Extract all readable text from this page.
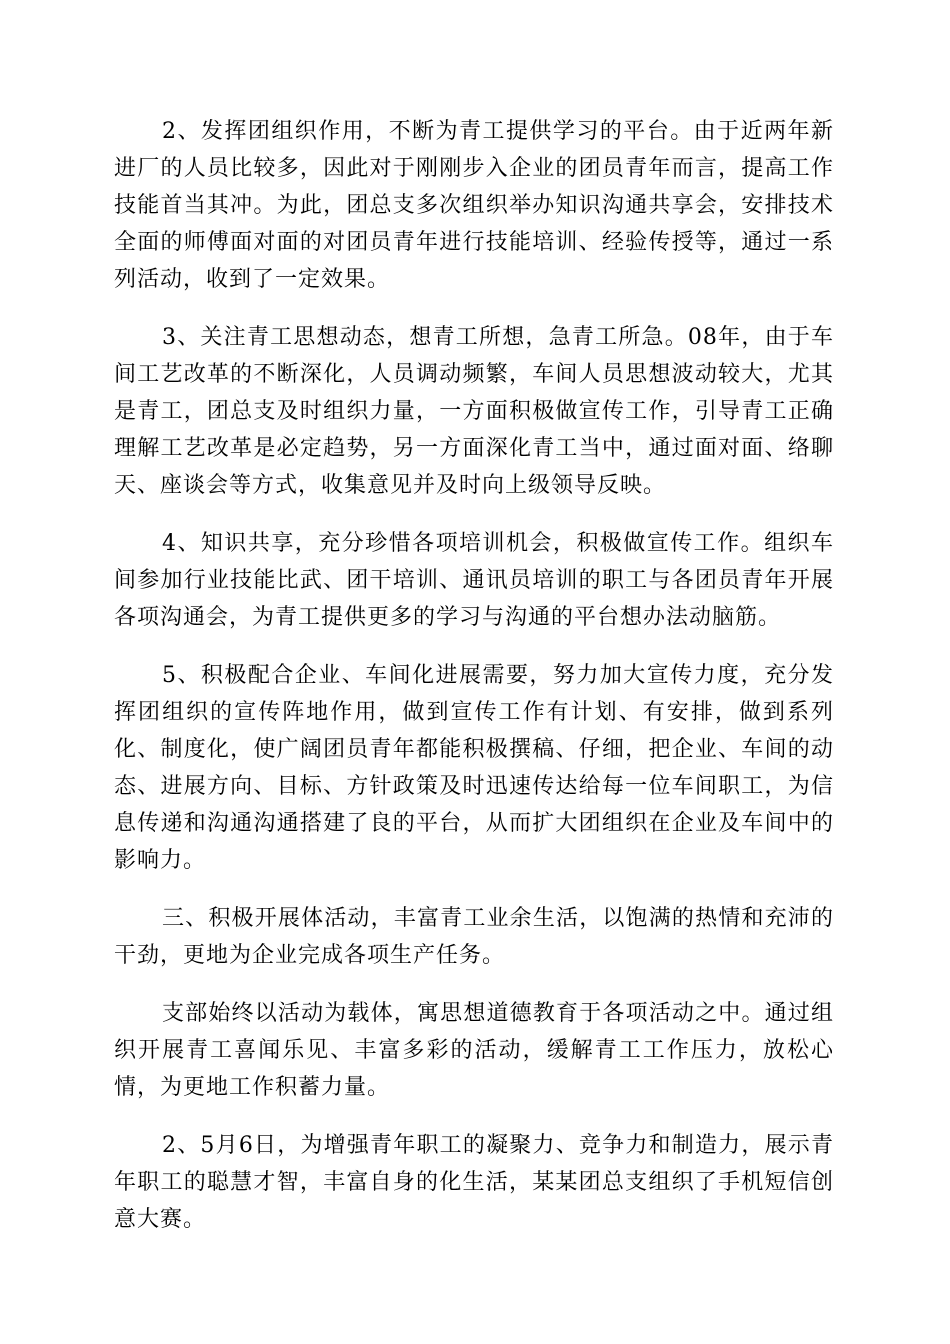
2、发挥团组织作用，不断为青工提供学习的平台。由于近两年新进厂的人员比较多，因此对于刚刚步入企业的团员青年而言，提高工作技能首当其冲。为此，团总支多次组织举办知识沟通共享会，安排技术全面的师傅面对面的对团员青年进行技能培训、经验传授等，通过一系列活动，收到了一定效果。

3、关注青工思想动态，想青工所想，急青工所急。08年，由于车间工艺改革的不断深化，人员调动频繁，车间人员思想波动较大，尤其是青工，团总支及时组织力量，一方面积极做宣传工作，引导青工正确理解工艺改革是必定趋势，另一方面深化青工当中，通过面对面、络聊天、座谈会等方式，收集意见并及时向上级领导反映。

4、知识共享，充分珍惜各项培训机会，积极做宣传工作。组织车间参加行业技能比武、团干培训、通讯员培训的职工与各团员青年开展各项沟通会，为青工提供更多的学习与沟通的平台想办法动脑筋。

5、积极配合企业、车间化进展需要，努力加大宣传力度，充分发挥团组织的宣传阵地作用，做到宣传工作有计划、有安排，做到系列化、制度化，使广阔团员青年都能积极撰稿、仔细，把企业、车间的动态、进展方向、目标、方针政策及时迅速传达给每一位车间职工，为信息传递和沟通沟通搭建了良的平台，从而扩大团组织在企业及车间中的影响力。

三、积极开展体活动，丰富青工业余生活，以饱满的热情和充沛的干劲，更地为企业完成各项生产任务。

支部始终以活动为载体，寓思想道德教育于各项活动之中。通过组织开展青工喜闻乐见、丰富多彩的活动，缓解青工工作压力，放松心情，为更地工作积蓄力量。

2、5月6日，为增强青年职工的凝聚力、竞争力和制造力，展示青年职工的聪慧才智，丰富自身的化生活，某某团总支组织了手机短信创意大赛。
